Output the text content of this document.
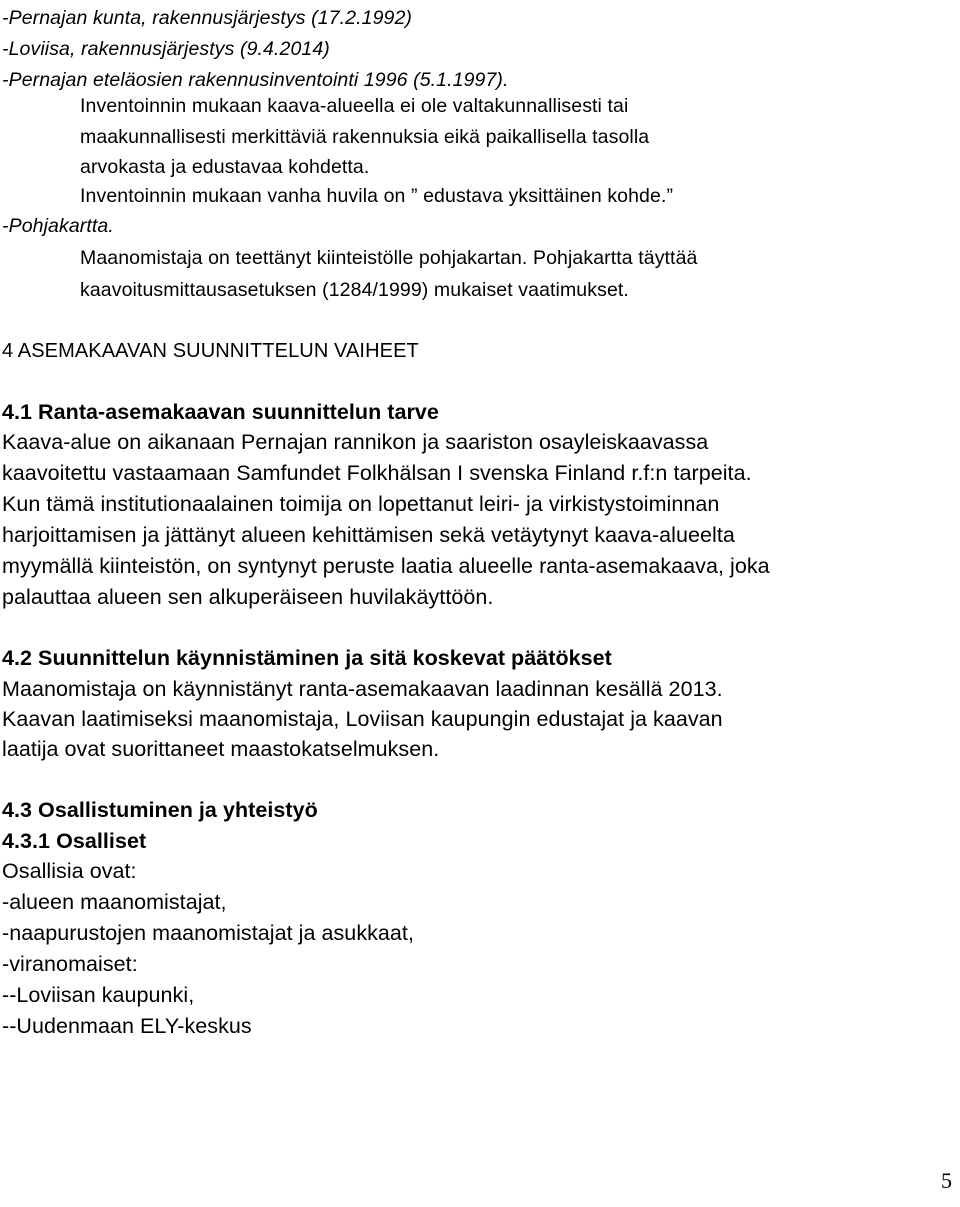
-Pernajan kunta, rakennusjärjestys (17.2.1992)
-Loviisa, rakennusjärjestys (9.4.2014)
-Pernajan eteläosien rakennusinventointi 1996 (5.1.1997).
Inventoinnin mukaan kaava-alueella ei ole valtakunnallisesti tai
maakunnallisesti merkittäviä rakennuksia eikä paikallisella tasolla
arvokasta ja edustavaa kohdetta.
Inventoinnin mukaan vanha huvila on ” edustava yksittäinen kohde.”
-Pohjakartta.
Maanomistaja on teettänyt kiinteistölle pohjakartan. Pohjakartta täyttää
kaavoitusmittausasetuksen (1284/1999) mukaiset vaatimukset.
4 ASEMAKAAVAN SUUNNITTELUN VAIHEET
4.1 Ranta-asemakaavan suunnittelun tarve
Kaava-alue on aikanaan Pernajan rannikon ja saariston osayleiskaavassa
kaavoitettu vastaamaan Samfundet Folkhälsan I svenska Finland r.f:n tarpeita.
Kun tämä institutionaalainen toimija on lopettanut leiri- ja virkistystoiminnan
harjoittamisen ja jättänyt alueen kehittämisen sekä vetäytynyt kaava-alueelta
myymällä kiinteistön, on syntynyt peruste laatia alueelle ranta-asemakaava, joka
palauttaa alueen sen alkuperäiseen huvilakäyttöön.
4.2 Suunnittelun käynnistäminen ja sitä koskevat päätökset
Maanomistaja on käynnistänyt ranta-asemakaavan laadinnan kesällä 2013.
Kaavan laatimiseksi maanomistaja, Loviisan kaupungin edustajat ja kaavan
laatija ovat suorittaneet maastokatselmuksen.
4.3 Osallistuminen ja yhteistyö
4.3.1 Osalliset
Osallisia ovat:
-alueen maanomistajat,
-naapurustojen maanomistajat ja asukkaat,
-viranomaiset:
--Loviisan kaupunki,
--Uudenmaan ELY-keskus
5
